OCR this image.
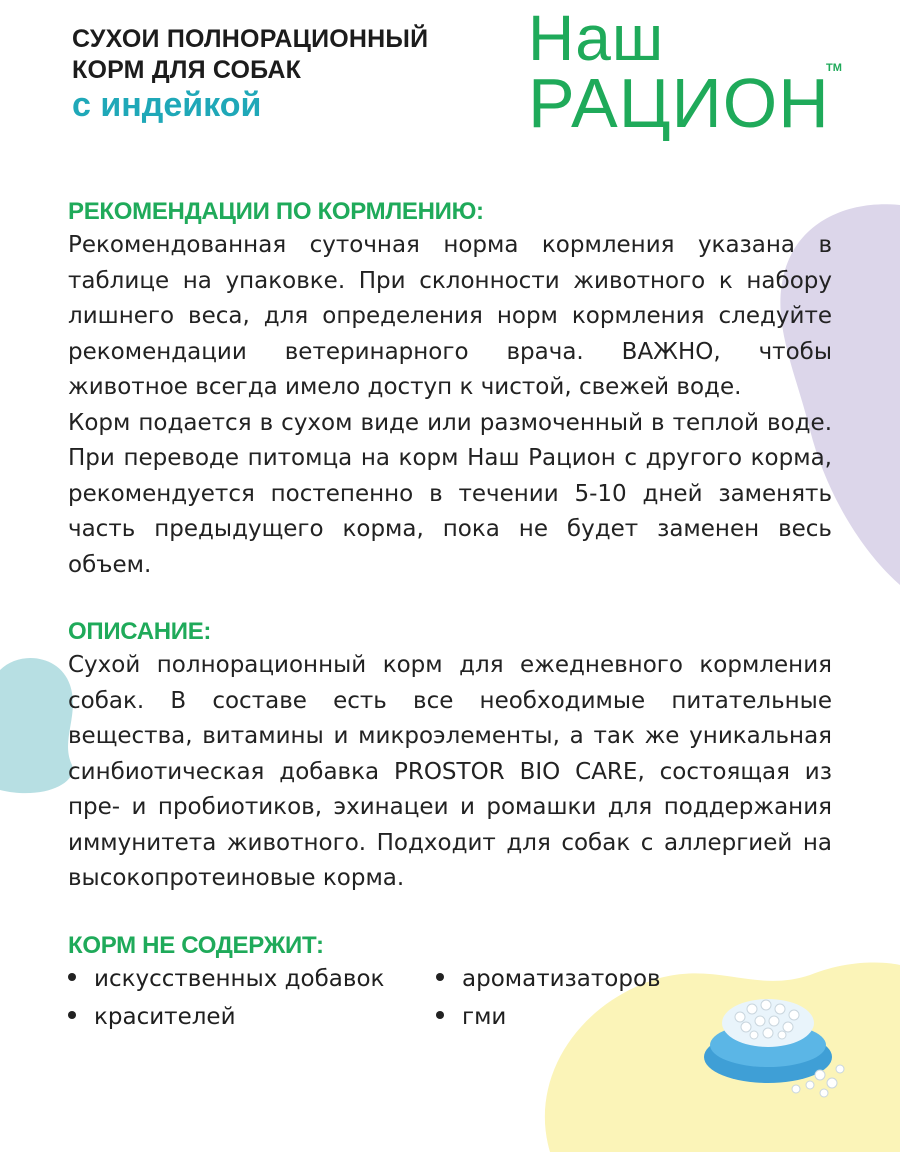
СУХОИ ПОЛНОРАЦИОННЫЙ
КОРМ ДЛЯ СОБАК
с индейкой
Наш
РАЦИОН
TM
РЕКОМЕНДАЦИИ ПО КОРМЛЕНИЮ:

Рекомендованная суточная норма кормления указана в таблице на упаковке. При склонности животного к набору лишнего веса, для определения норм кормления следуйте рекомендации ветеринарного врача. ВАЖНО, чтобы животное всегда имело доступ к чистой, свежей воде.

Корм подается в сухом виде или размоченный в теплой воде. При переводе питомца на корм Наш Рацион с другого корма, рекомендуется постепенно в течении 5-10 дней заменять часть предыдущего корма, пока не будет заменен весь объем.

ОПИСАНИЕ:

Сухой полнорационный корм для ежедневного кормления собак. В составе есть все необходимые питательные вещества, витамины и микроэлементы, а так же уникальная синбиотическая добавка PROSTOR BIO CARE, состоящая из пре- и пробиотиков, эхинацеи и ромашки для поддержания иммунитета животного. Подходит для собак с аллергией на высокопротеиновые корма.

КОРМ НЕ СОДЕРЖИТ:
искусственных добавок	ароматизаторов
красителей	гми
